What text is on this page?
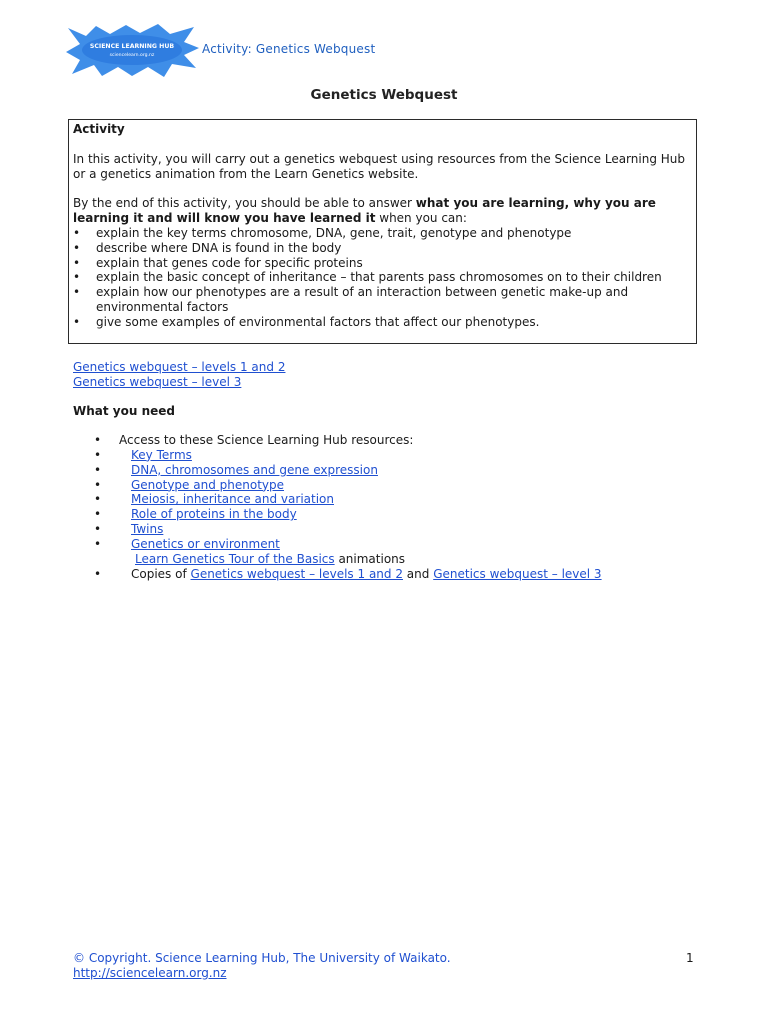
SCIENCE LEARNING HUB
sciencelearn.org.nz	Activity: Genetics Webquest
Genetics Webquest
Activity

In this activity, you will carry out a genetics webquest using resources from the Science Learning Hub or a genetics animation from the Learn Genetics website.

By the end of this activity, you should be able to answer what you are learning, why you are learning it and will know you have learned it when you can:

• explain the key terms chromosome, DNA, gene, trait, genotype and phenotype
• describe where DNA is found in the body
• explain that genes code for specific proteins
• explain the basic concept of inheritance – that parents pass chromosomes on to their children
• explain how our phenotypes are a result of an interaction between genetic make-up and environmental factors
• give some examples of environmental factors that affect our phenotypes.
Genetics webquest – levels 1 and 2
Genetics webquest – level 3
What you need
• Access to these Science Learning Hub resources:
• Key Terms
• DNA, chromosomes and gene expression
• Genotype and phenotype
• Meiosis, inheritance and variation
• Role of proteins in the body
• Twins
• Genetics or environment
Learn Genetics Tour of the Basics animations
• Copies of Genetics webquest – levels 1 and 2 and Genetics webquest – level 3
© Copyright. Science Learning Hub, The University of Waikato.
http://sciencelearn.org.nz
1
